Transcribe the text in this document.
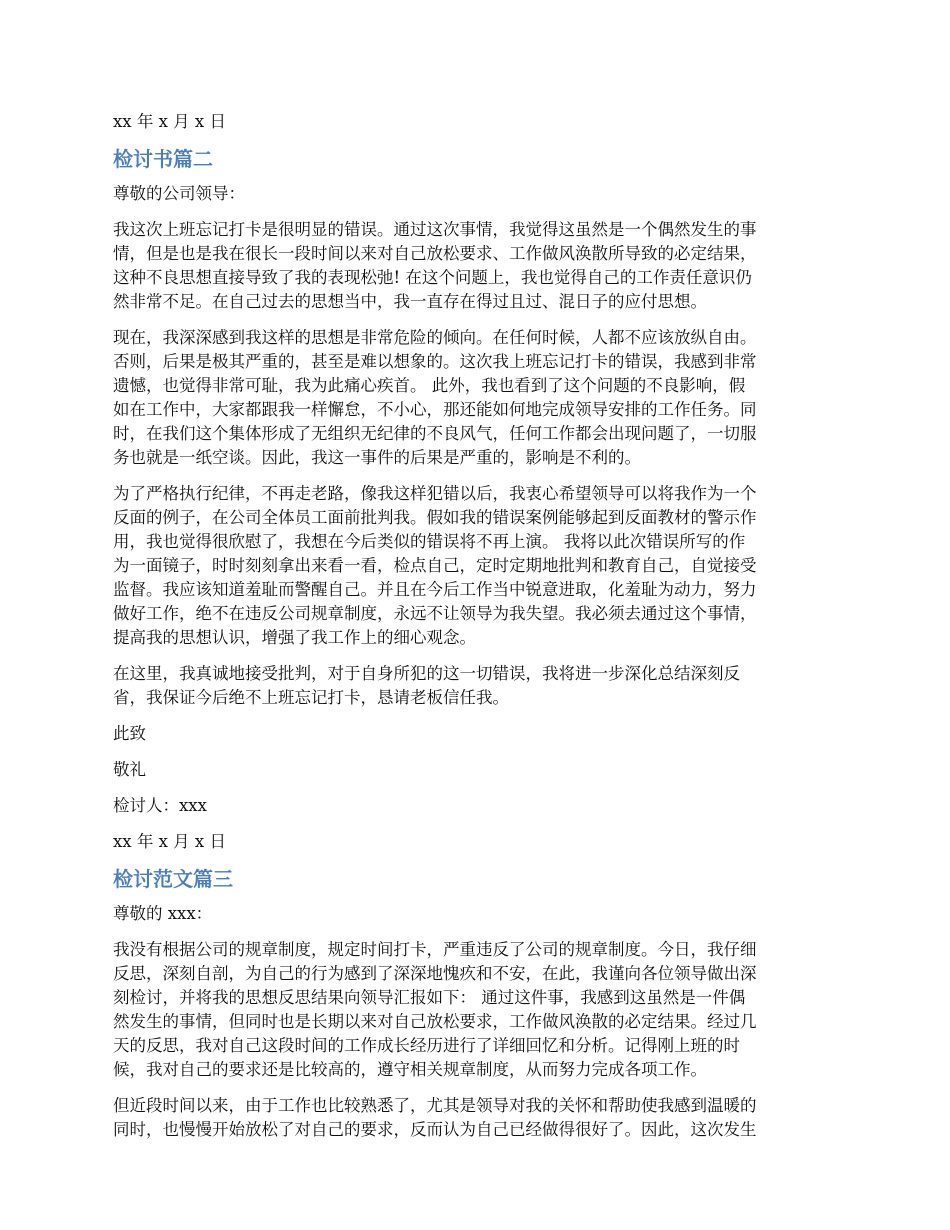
xx 年 x 月 x 日
检讨书篇二
尊敬的公司领导：
我这次上班忘记打卡是很明显的错误。通过这次事情，我觉得这虽然是一个偶然发生的事
情，但是也是我在很长一段时间以来对自己放松要求、工作做风涣散所导致的必定结果，
这种不良思想直接导致了我的表现松弛! 在这个问题上，我也觉得自己的工作责任意识仍
然非常不足。在自己过去的思想当中，我一直存在得过且过、混日子的应付思想。
现在，我深深感到我这样的思想是非常危险的倾向。在任何时候，人都不应该放纵自由。
否则，后果是极其严重的，甚至是难以想象的。这次我上班忘记打卡的错误，我感到非常
遗憾，也觉得非常可耻，我为此痛心疾首。 此外，我也看到了这个问题的不良影响，假
如在工作中，大家都跟我一样懈怠，不小心，那还能如何地完成领导安排的工作任务。同
时，在我们这个集体形成了无组织无纪律的不良风气，任何工作都会出现问题了，一切服
务也就是一纸空谈。因此，我这一事件的后果是严重的，影响是不利的。
为了严格执行纪律，不再走老路，像我这样犯错以后，我衷心希望领导可以将我作为一个
反面的例子，在公司全体员工面前批判我。假如我的错误案例能够起到反面教材的警示作
用，我也觉得很欣慰了，我想在今后类似的错误将不再上演。 我将以此次错误所写的作
为一面镜子，时时刻刻拿出来看一看，检点自己，定时定期地批判和教育自己，自觉接受
监督。我应该知道羞耻而警醒自己。并且在今后工作当中锐意进取，化羞耻为动力，努力
做好工作，绝不在违反公司规章制度，永远不让领导为我失望。我必须去通过这个事情，
提高我的思想认识，增强了我工作上的细心观念。
在这里，我真诚地接受批判，对于自身所犯的这一切错误，我将进一步深化总结深刻反
省，我保证今后绝不上班忘记打卡，恳请老板信任我。
此致
敬礼
检讨人：xxx
xx 年 x 月 x 日
检讨范文篇三
尊敬的 xxx：
我没有根据公司的规章制度，规定时间打卡，严重违反了公司的规章制度。今日，我仔细
反思，深刻自剖，为自己的行为感到了深深地愧疚和不安，在此，我谨向各位领导做出深
刻检讨，并将我的思想反思结果向领导汇报如下： 通过这件事，我感到这虽然是一件偶
然发生的事情，但同时也是长期以来对自己放松要求，工作做风涣散的必定结果。经过几
天的反思，我对自己这段时间的工作成长经历进行了详细回忆和分析。记得刚上班的时
候，我对自己的要求还是比较高的，遵守相关规章制度，从而努力完成各项工作。
但近段时间以来，由于工作也比较熟悉了，尤其是领导对我的关怀和帮助使我感到温暖的
同时，也慢慢开始放松了对自己的要求，反而认为自己已经做得很好了。因此，这次发生
